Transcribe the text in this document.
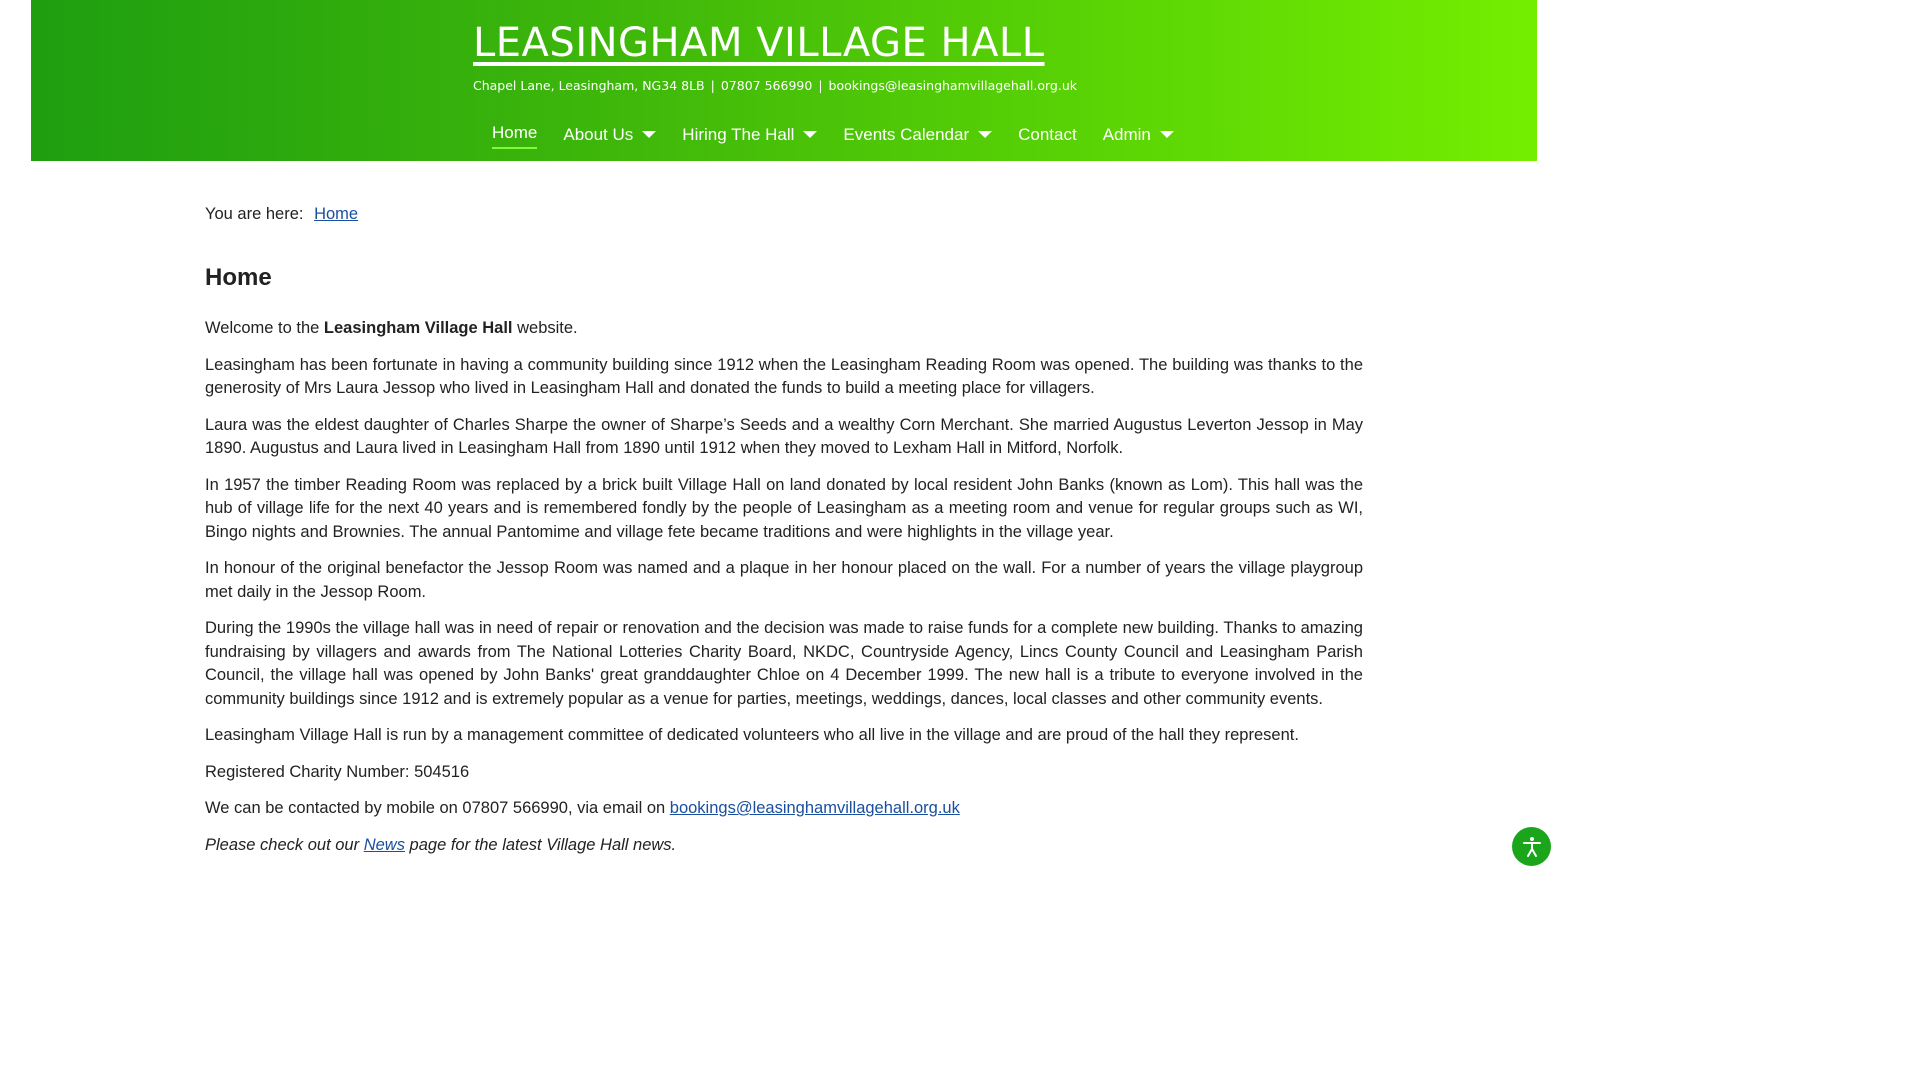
LEASINGHAM VILLAGE HALL
Chapel Lane, Leasingham, NG34 8LB | 07807 566990 | bookings@leasinghamvillagehall.org.uk
Home About Us	Hiring The Hall	Events Calendar	Contact Admin
You are here: Home
Home

Welcome to the Leasingham Village Hall website.

Leasingham has been fortunate in having a community building since 1912 when the Leasingham Reading Room was opened. The building was thanks to the generosity of Mrs Laura Jessop who lived in Leasingham Hall and donated the funds to build a meeting place for villagers.

Laura was the eldest daughter of Charles Sharpe the owner of Sharpe’s Seeds and a wealthy Corn Merchant. She married Augustus Leverton Jessop in May 1890. Augustus and Laura lived in Leasingham Hall from 1890 until 1912 when they moved to Lexham Hall in Mitford, Norfolk.

In 1957 the timber Reading Room was replaced by a brick built Village Hall on land donated by local resident John Banks (known as Lom). This hall was the hub of village life for the next 40 years and is remembered fondly by the people of Leasingham as a meeting room and venue for regular groups such as WI, Bingo nights and Brownies. The annual Pantomime and village fete became traditions and were highlights in the village year.

In honour of the original benefactor the Jessop Room was named and a plaque in her honour placed on the wall. For a number of years the village playgroup met daily in the Jessop Room.

During the 1990s the village hall was in need of repair or renovation and the decision was made to raise funds for a complete new building. Thanks to amazing fundraising by villagers and awards from The National Lotteries Charity Board, NKDC, Countryside Agency, Lincs County Council and Leasingham Parish Council, the village hall was opened by John Banks' great granddaughter Chloe on 4 December 1999. The new hall is a tribute to everyone involved in the community buildings since 1912 and is extremely popular as a venue for parties, meetings, weddings, dances, local classes and other community events.

Leasingham Village Hall is run by a management committee of dedicated volunteers who all live in the village and are proud of the hall they represent.

Registered Charity Number: 504516

We can be contacted by mobile on 07807 566990, via email on bookings@leasinghamvillagehall.org.uk

Please check out our News page for the latest Village Hall news.
